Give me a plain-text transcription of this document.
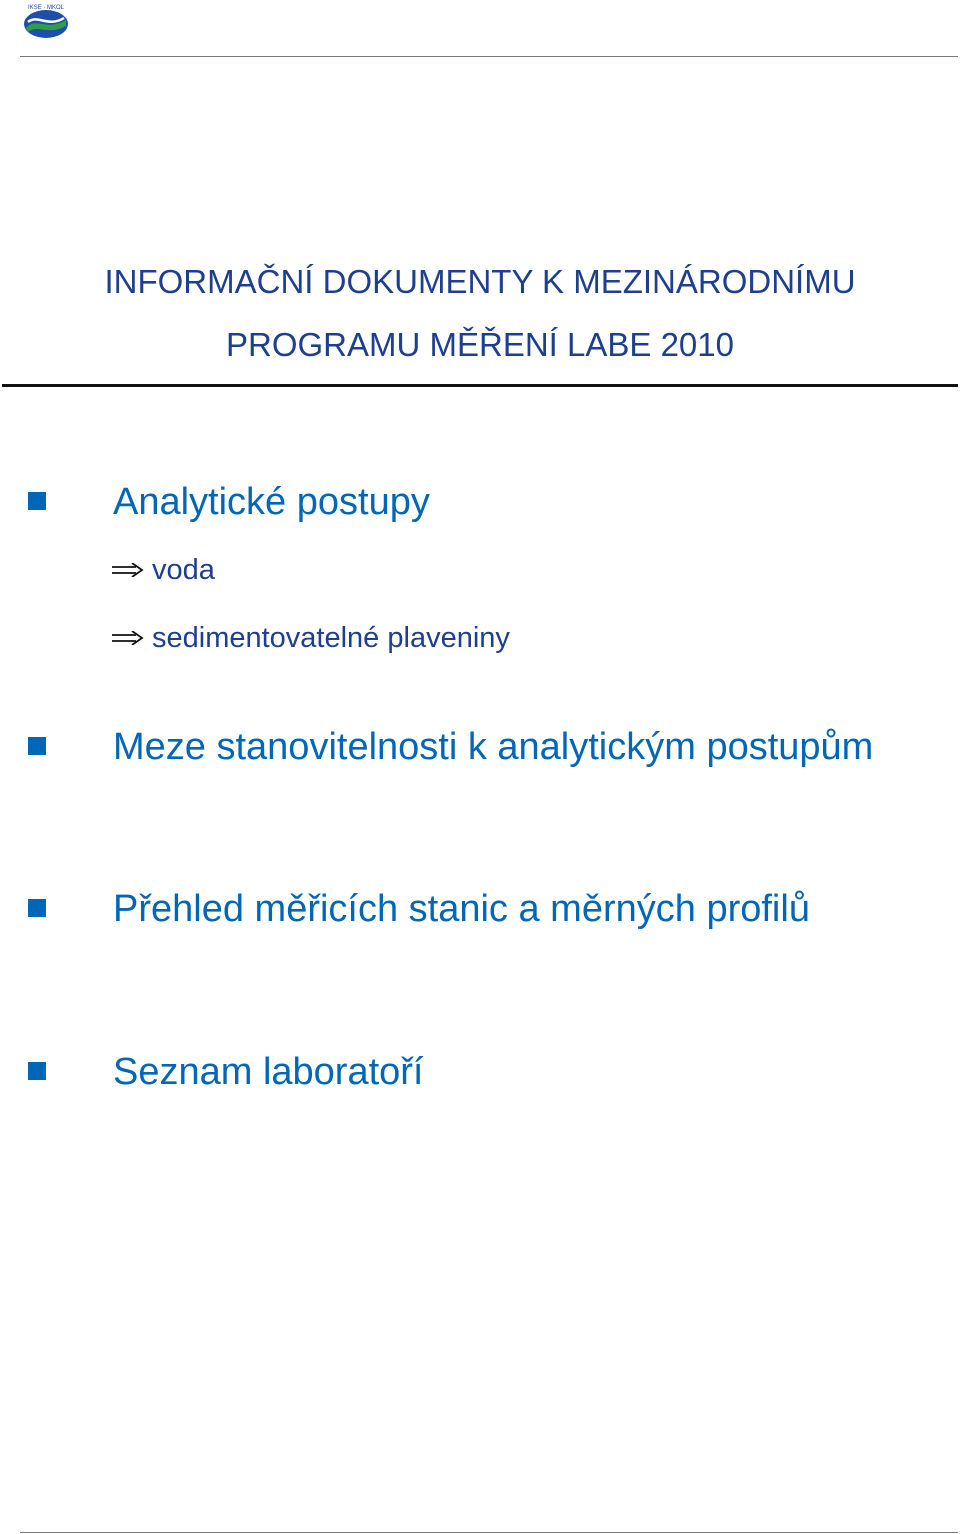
IKSE · MKOL
INFORMAČNÍ DOKUMENTY K MEZINÁRODNÍMU
PROGRAMU MĚŘENÍ LABE 2010
Analytické postupy
voda
sedimentovatelné plaveniny
Meze stanovitelnosti k analytickým postupům
Přehled měřicích stanic a měrných profilů
Seznam laboratoří
